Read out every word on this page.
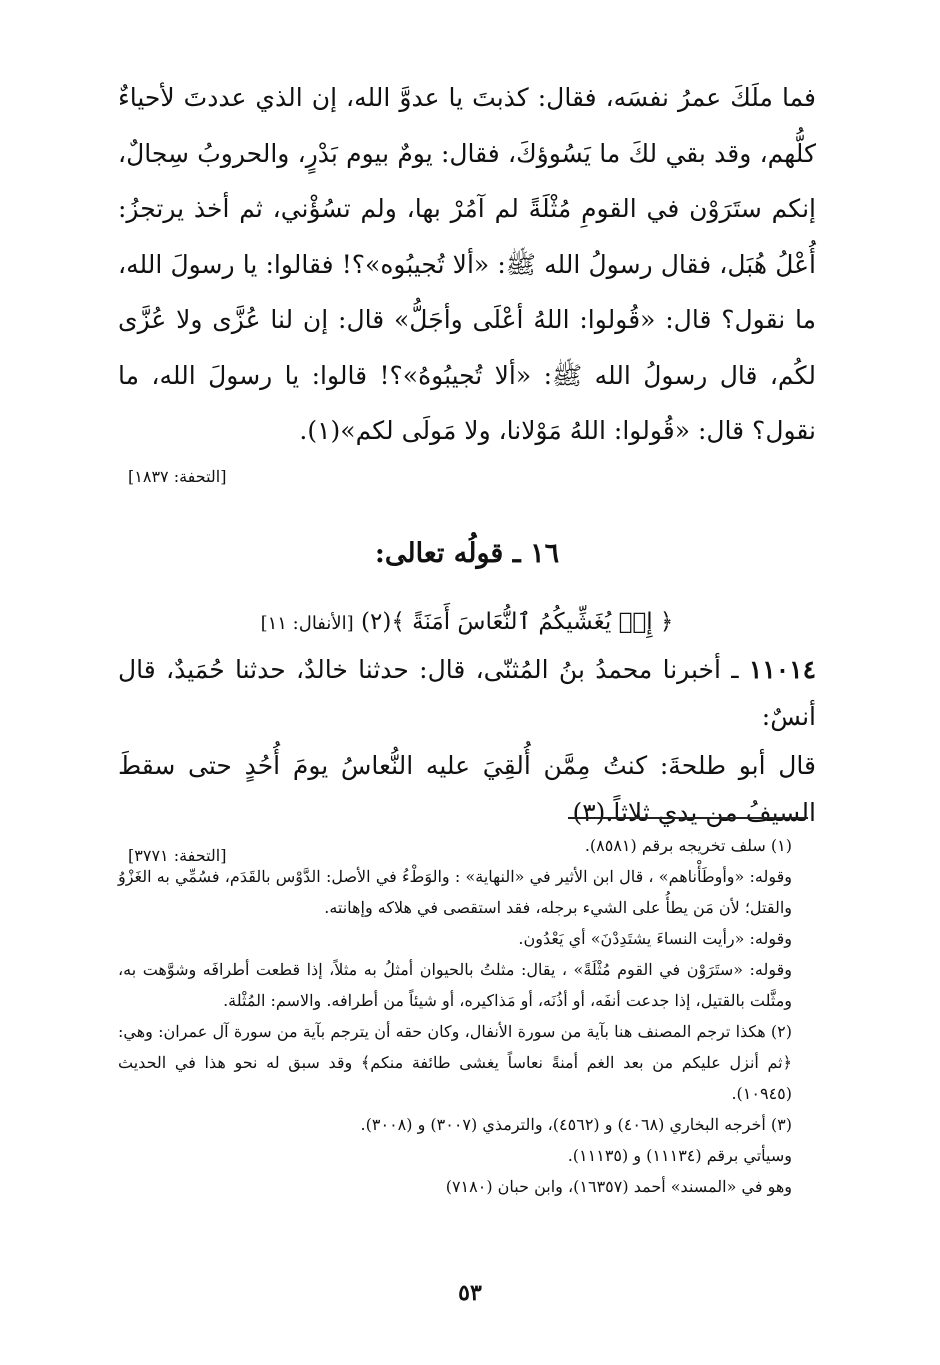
فما ملَكَ عمرُ نفسَه، فقال: كذبتَ يا عدوَّ الله، إن الذي عددتَ لأحياءٌ كلُّهم، وقد بقي لكَ ما يَسُوؤكَ، فقال: يومٌ بيوم بَدْرٍ، والحروبُ سِجالٌ، إنكم ستَرَوْن في القومِ مُثْلَةً لم آمُرْ بها، ولم تسُؤْني، ثم أخذ يرتجزُ: أُعْلُ هُبَل، فقال رسولُ الله ﷺ: «ألا تُجيبُوه»؟! فقالوا: يا رسولَ الله، ما نقول؟ قال: «قُولوا: اللهُ أعْلَى وأجَلُّ» قال: إن لنا عُزَّى ولا عُزَّى لكُم، قال رسولُ الله ﷺ: «ألا تُجيبُوهُ»؟! قالوا: يا رسولَ الله، ما نقول؟ قال: «قُولوا: اللهُ مَوْلانا، ولا مَولَى لكم»(١).

[التحفة: ١٨٣٧]
١٦ ـ قولُه تعالى:
﴿ إِذۡ يُغَشِّيكُمُ ٱلنُّعَاسَ أَمَنَةً ﴾(٢) [الأنفال: ١١]

١١٠١٤ ـ أخبرنا محمدُ بنُ المُثنّى، قال: حدثنا خالدٌ، حدثنا حُمَيدٌ، قال أنسٌ:

قال أبو طلحةَ: كنتُ مِمَّن أُلقِيَ عليه النُّعاسُ يومَ أُحُدٍ حتى سقطَ السيفُ من يدي ثلاثاً.(٣)

[التحفة: ٣٧٧١]	(١) سلف تخريجه برقم (٨٥٨١).

وقوله: «وأوطَأْناهم» ، قال ابن الأثير في «النهاية» : والوَطْءُ في الأصل: الدَّوْس بالقَدَم، فسُمِّي به الغَزْوُ والقتل؛ لأن مَن يطأُ على الشيء برجله، فقد استقصى في هلاكه وإهانته.

وقوله: «رأيت النساءَ يشتَدِدْنَ» أي يَعْدُون.

وقوله: «ستَرَوْن في القوم مُثْلَةً» ، يقال: مثلتُ بالحيوان أمثلُ به مثلاً، إذا قطعت أطرافَه وشوَّهت به، ومثَّلت بالقتيل، إذا جدعت أنفَه، أو أذُنَه، أو مَذاكيره، أو شيئاً من أطرافه. والاسم: المُثْلة.

(٢) هكذا ترجم المصنف هنا بآية من سورة الأنفال، وكان حقه أن يترجم بآية من سورة آل عمران: وهي: ﴿ثم أنزل عليكم من بعد الغم أمنةً نعاساً يغشى طائفة منكم﴾ وقد سبق له نحو هذا في الحديث (١٠٩٤٥).

(٣) أخرجه البخاري (٤٠٦٨) و (٤٥٦٢)، والترمذي (٣٠٠٧) و (٣٠٠٨).

وسيأتي برقم (١١١٣٤) و (١١١٣٥).

وهو في «المسند» أحمد (١٦٣٥٧)، وابن حبان (٧١٨٠)

٥٣
